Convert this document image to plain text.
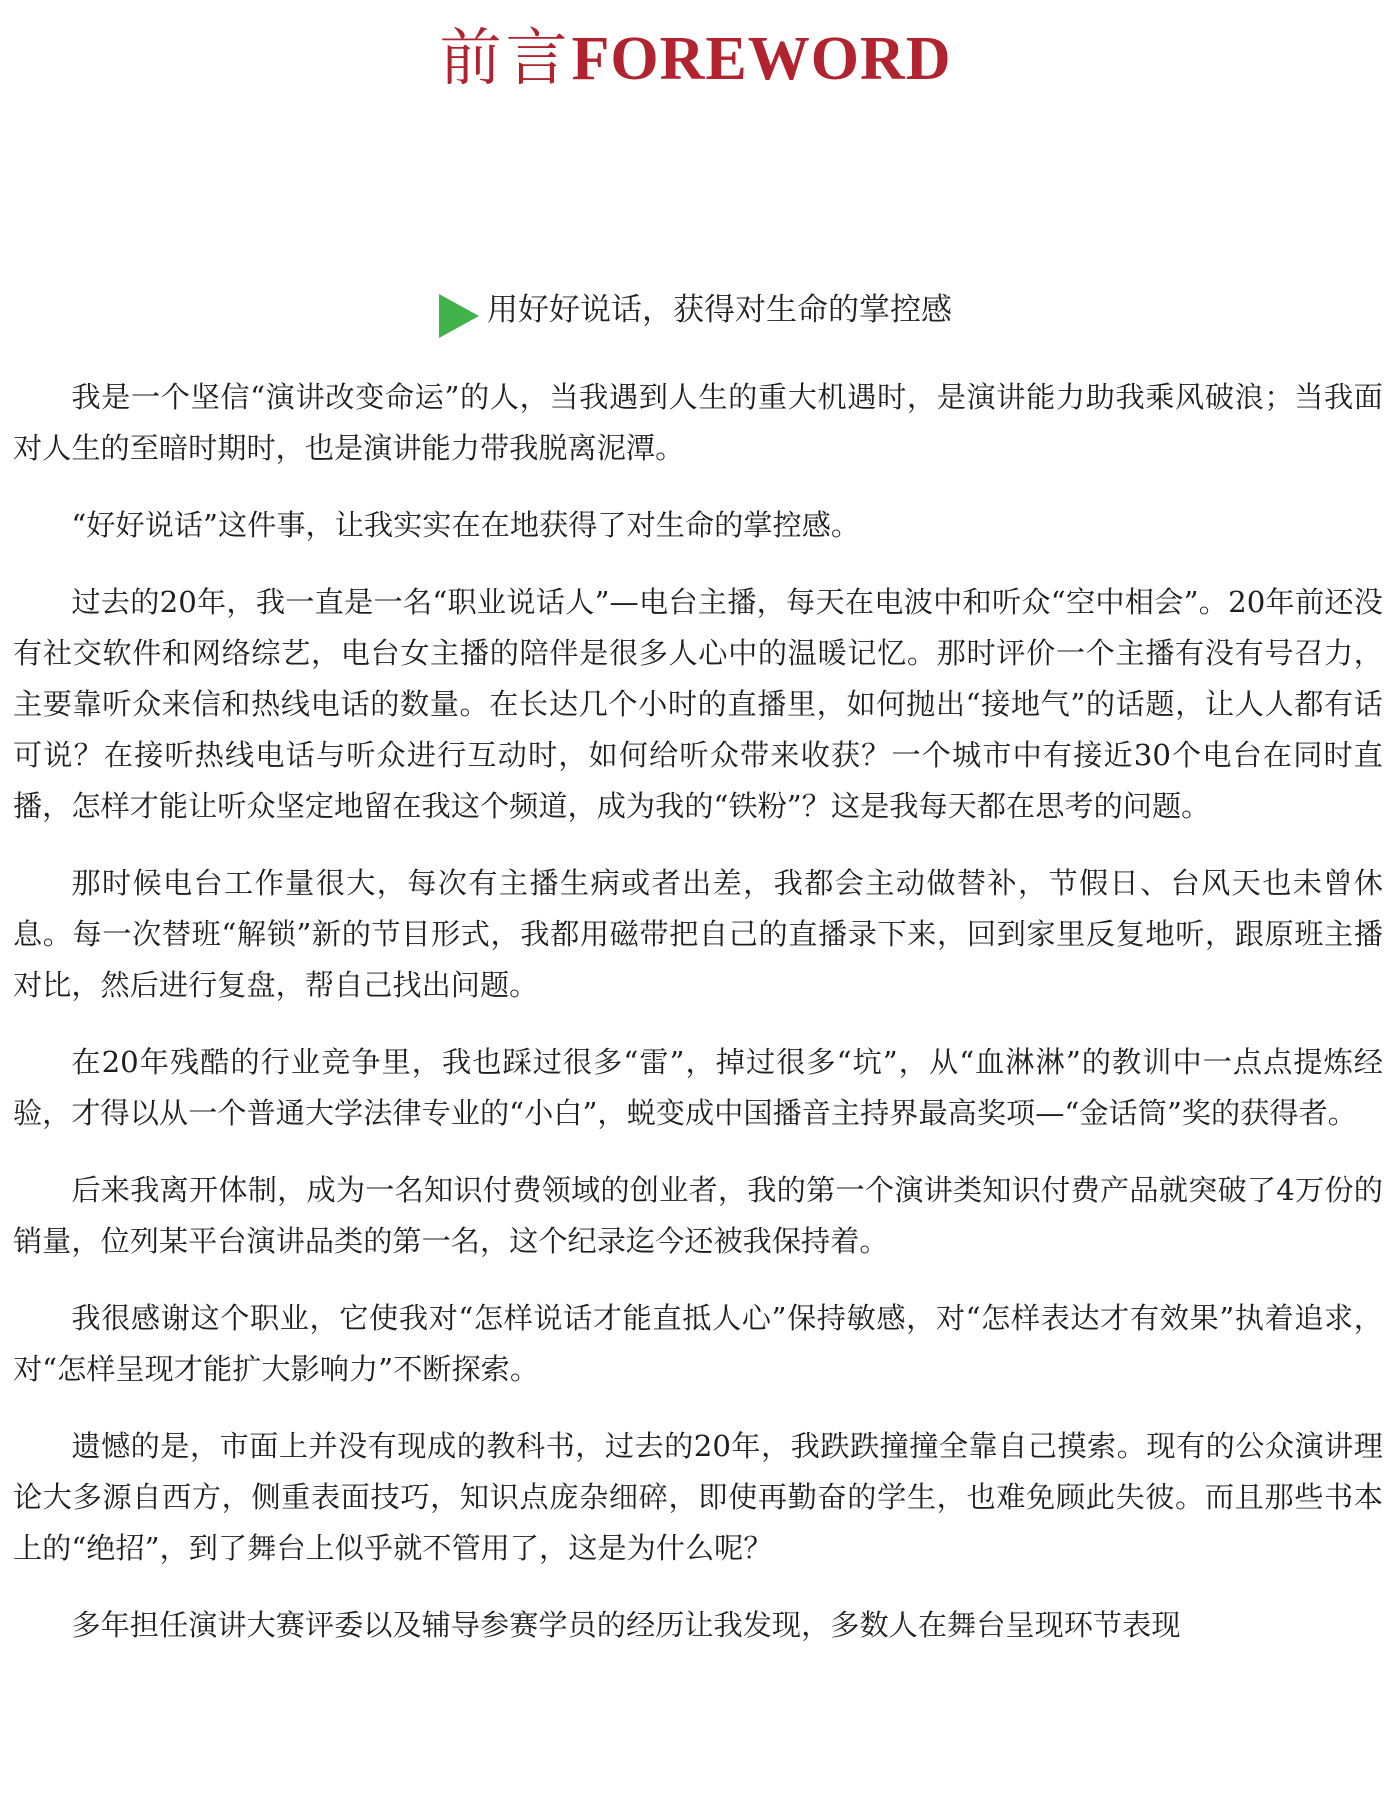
前言FOREWORD
用好好说话，获得对生命的掌控感

我是一个坚信“演讲改变命运”的人，当我遇到人生的重大机遇时，是演讲能力助我乘风破浪；当我面对人生的至暗时期时，也是演讲能力带我脱离泥潭。

“好好说话”这件事，让我实实在在地获得了对生命的掌控感。

过去的20年，我一直是一名“职业说话人”—电台主播，每天在电波中和听众“空中相会”。20年前还没有社交软件和网络综艺，电台女主播的陪伴是很多人心中的温暖记忆。那时评价一个主播有没有号召力，主要靠听众来信和热线电话的数量。在长达几个小时的直播里，如何抛出“接地气”的话题，让人人都有话可说？在接听热线电话与听众进行互动时，如何给听众带来收获？一个城市中有接近30个电台在同时直播，怎样才能让听众坚定地留在我这个频道，成为我的“铁粉”？这是我每天都在思考的问题。

那时候电台工作量很大，每次有主播生病或者出差，我都会主动做替补，节假日、台风天也未曾休息。每一次替班“解锁”新的节目形式，我都用磁带把自己的直播录下来，回到家里反复地听，跟原班主播对比，然后进行复盘，帮自己找出问题。

在20年残酷的行业竞争里，我也踩过很多“雷”，掉过很多“坑”，从“血淋淋”的教训中一点点提炼经验，才得以从一个普通大学法律专业的“小白”，蜕变成中国播音主持界最高奖项—“金话筒”奖的获得者。

后来我离开体制，成为一名知识付费领域的创业者，我的第一个演讲类知识付费产品就突破了4万份的销量，位列某平台演讲品类的第一名，这个纪录迄今还被我保持着。

我很感谢这个职业，它使我对“怎样说话才能直抵人心”保持敏感，对“怎样表达才有效果”执着追求，对“怎样呈现才能扩大影响力”不断探索。

遗憾的是，市面上并没有现成的教科书，过去的20年，我跌跌撞撞全靠自己摸索。现有的公众演讲理论大多源自西方，侧重表面技巧，知识点庞杂细碎，即使再勤奋的学生，也难免顾此失彼。而且那些书本上的“绝招”，到了舞台上似乎就不管用了，这是为什么呢？

多年担任演讲大赛评委以及辅导参赛学员的经历让我发现，多数人在舞台呈现环节表现
